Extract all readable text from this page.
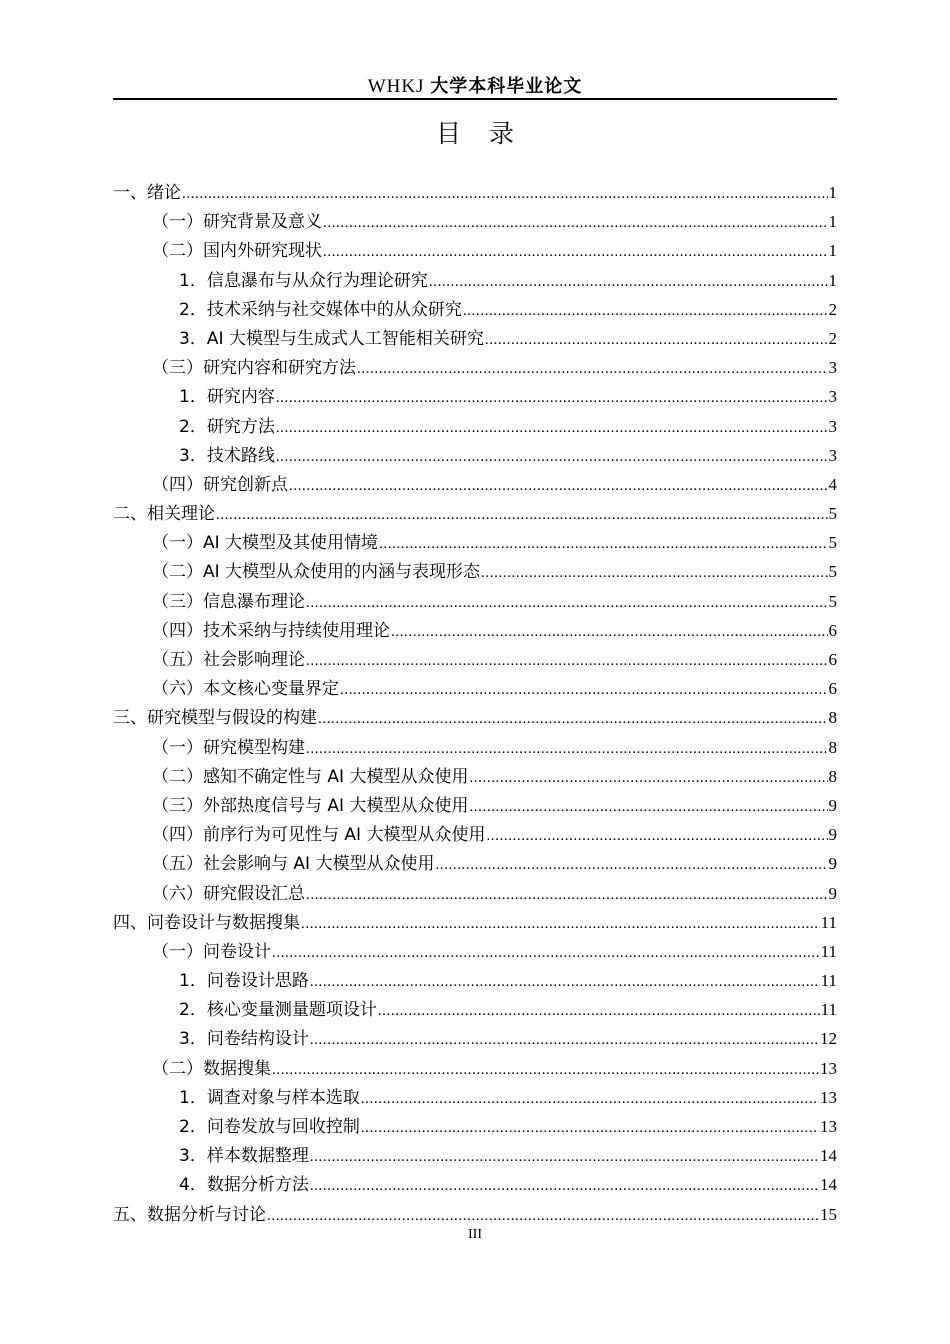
WHKJ 大学本科毕业论文
目录
一、绪论 .....	1
（一）研究背景及意义 .....	1
（二）国内外研究现状 .....	1
1．信息瀑布与从众行为理论研究 .....	1
2．技术采纳与社交媒体中的从众研究 .....	2
3．AI 大模型与生成式人工智能相关研究 .....	2
（三）研究内容和研究方法 .....	3
1．研究内容 .....	3
2．研究方法 .....	3
3．技术路线 .....	3
（四）研究创新点 .....	4
二、相关理论 .....	5
（一）AI 大模型及其使用情境 .....	5
（二）AI 大模型从众使用的内涵与表现形态 .....	5
（三）信息瀑布理论 .....	5
（四）技术采纳与持续使用理论 .....	6
（五）社会影响理论 .....	6
（六）本文核心变量界定 .....	6
三、研究模型与假设的构建 .....	8
（一）研究模型构建 .....	8
（二）感知不确定性与 AI 大模型从众使用 .....	8
（三）外部热度信号与 AI 大模型从众使用 .....	9
（四）前序行为可见性与 AI 大模型从众使用 .....	9
（五）社会影响与 AI 大模型从众使用 .....	9
（六）研究假设汇总 .....	9
四、问卷设计与数据搜集 .....	11
（一）问卷设计 .....	11
1．问卷设计思路 .....	11
2．核心变量测量题项设计 .....	11
3．问卷结构设计 .....	12
（二）数据搜集 .....	13
1．调查对象与样本选取 .....	13
2．问卷发放与回收控制 .....	13
3．样本数据整理 .....	14
4．数据分析方法 .....	14
五、数据分析与讨论 .....	15
III
